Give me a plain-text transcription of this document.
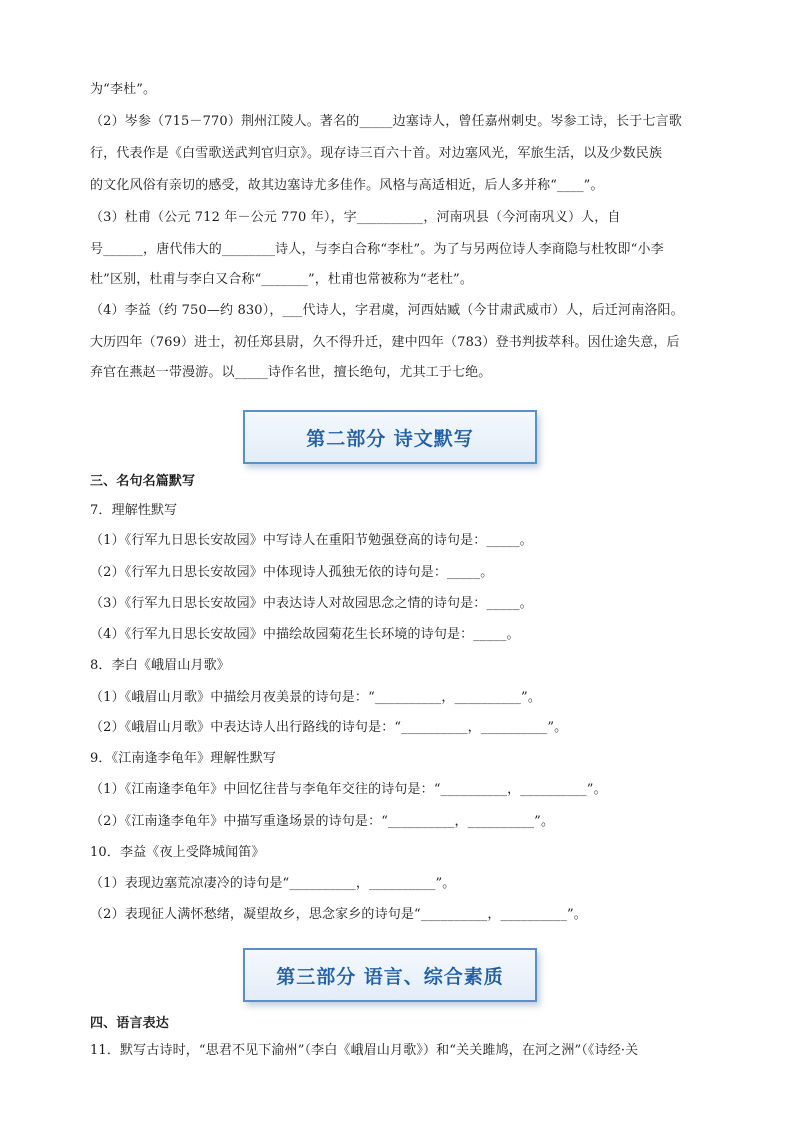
为“李杜”。
（2）岑参（715－770）荆州江陵人。著名的_____边塞诗人，曾任嘉州刺史。岑参工诗，长于七言歌
行，代表作是《白雪歌送武判官归京》。现存诗三百六十首。对边塞风光，军旅生活，以及少数民族
的文化风俗有亲切的感受，故其边塞诗尤多佳作。风格与高适相近，后人多并称“____”。
（3）杜甫（公元 712 年－公元 770 年），字__________，河南巩县（今河南巩义）人，自
号______，唐代伟大的________诗人，与李白合称“李杜”。为了与另两位诗人李商隐与杜牧即“小李
杜”区别，杜甫与李白又合称“_______”，杜甫也常被称为“老杜”。
（4）李益（约 750—约 830），___代诗人，字君虞，河西姑臧（今甘肃武威市）人，后迁河南洛阳。
大历四年（769）进士，初任郑县尉，久不得升迁，建中四年（783）登书判拔萃科。因仕途失意，后
弃官在燕赵一带漫游。以_____诗作名世，擅长绝句，尤其工于七绝。
第二部分 诗文默写
三、名句名篇默写
7．理解性默写
（1）《行军九日思长安故园》中写诗人在重阳节勉强登高的诗句是：_____。
（2）《行军九日思长安故园》中体现诗人孤独无依的诗句是：_____。
（3）《行军九日思长安故园》中表达诗人对故园思念之情的诗句是：_____。
（4）《行军九日思长安故园》中描绘故园菊花生长环境的诗句是：_____。
8．李白《峨眉山月歌》
（1）《峨眉山月歌》中描绘月夜美景的诗句是：“__________，__________”。
（2）《峨眉山月歌》中表达诗人出行路线的诗句是：“__________，__________”。
9．《江南逢李龟年》理解性默写
（1）《江南逢李龟年》中回忆往昔与李龟年交往的诗句是：“__________，__________”。
（2）《江南逢李龟年》中描写重逢场景的诗句是：“__________，__________”。
10．李益《夜上受降城闻笛》
（1）表现边塞荒凉凄冷的诗句是“__________，__________”。
（2）表现征人满怀愁绪，凝望故乡，思念家乡的诗句是“__________，__________”。
第三部分 语言、综合素质
四、语言表达
11．默写古诗时，“思君不见下渝州”（李白《峨眉山月歌》）和“关关雎鸠，在河之洲”（《诗经·关
